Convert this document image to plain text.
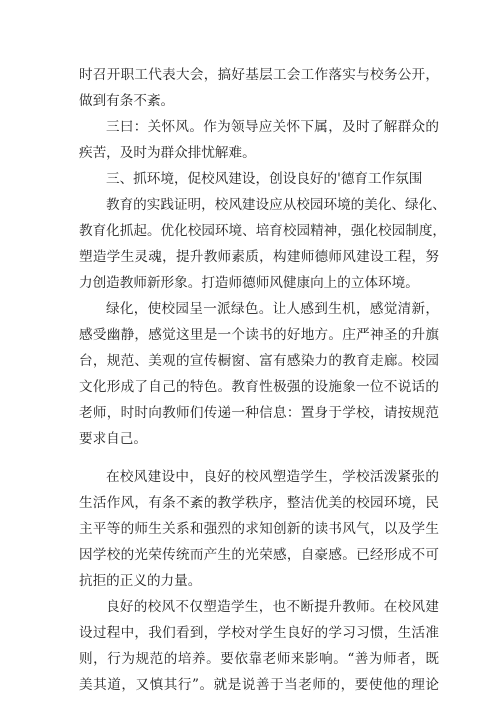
时召开职工代表大会，搞好基层工会工作落实与校务公开，
做到有条不紊。
三曰：关怀风。作为领导应关怀下属，及时了解群众的
疾苦，及时为群众排忧解难。
三、抓环境，促校风建设，创设良好的'德育工作氛围
教育的实践证明，校风建设应从校园环境的美化、绿化、
教育化抓起。优化校园环境、培育校园精神，强化校园制度，
塑造学生灵魂，提升教师素质，构建师德师风建设工程，努
力创造教师新形象。打造师德师风健康向上的立体环境。
绿化，使校园呈一派绿色。让人感到生机，感觉清新，
感受幽静，感觉这里是一个读书的好地方。庄严神圣的升旗
台，规范、美观的宣传橱窗、富有感染力的教育走廊。校园
文化形成了自己的特色。教育性极强的设施象一位不说话的
老师，时时向教师们传递一种信息：置身于学校，请按规范
要求自己。
在校风建设中，良好的校风塑造学生，学校活泼紧张的
生活作风，有条不紊的教学秩序，整洁优美的校园环境，民
主平等的师生关系和强烈的求知创新的读书风气，以及学生
因学校的光荣传统而产生的光荣感，自豪感。已经形成不可
抗拒的正义的力量。
良好的校风不仅塑造学生，也不断提升教师。在校风建
设过程中，我们看到，学校对学生良好的学习习惯，生活准
则，行为规范的培养。要依靠老师来影响。“善为师者，既
美其道，又慎其行”。就是说善于当老师的，要使他的理论
